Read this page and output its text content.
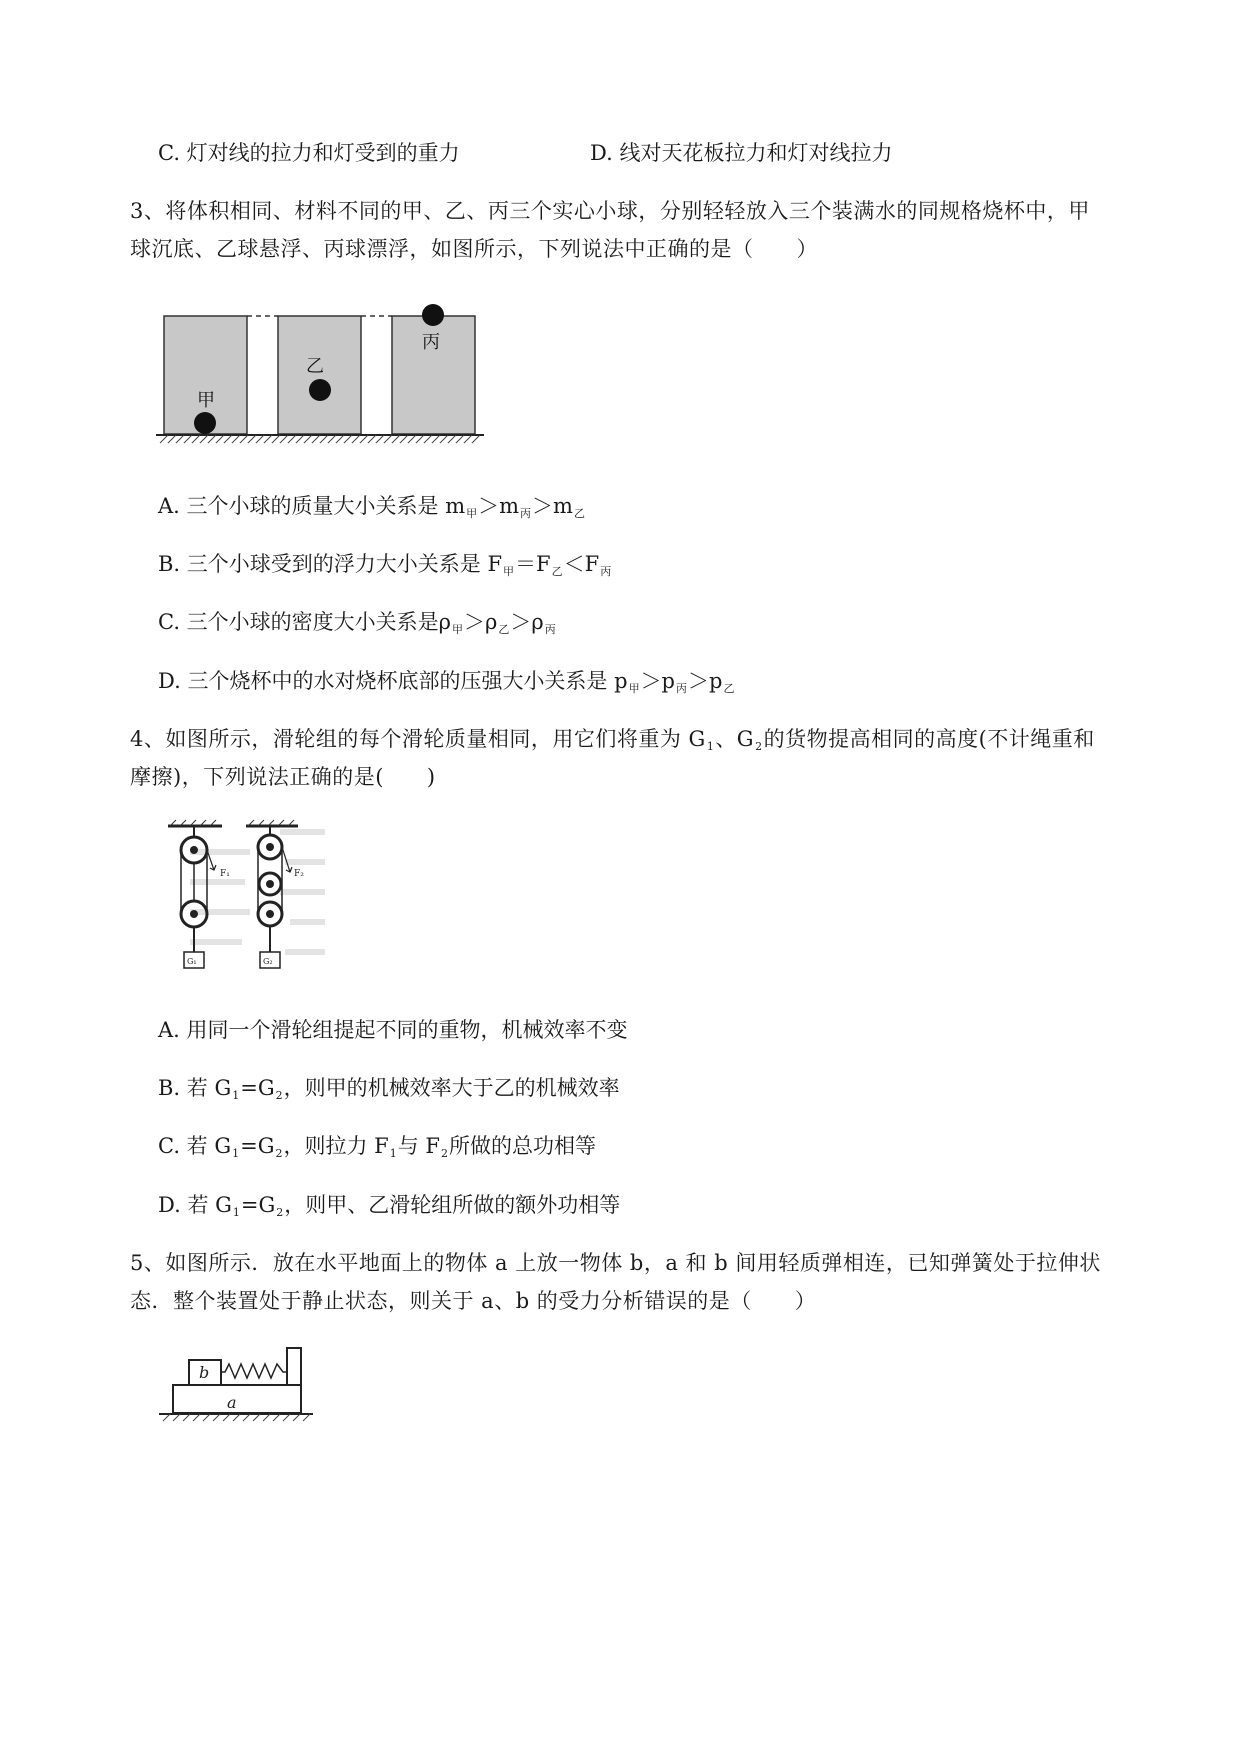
C. 灯对线的拉力和灯受到的重力	D. 线对天花板拉力和灯对线拉力
3、将体积相同、材料不同的甲、乙、丙三个实心小球，分别轻轻放入三个装满水的同规格烧杯中，甲
球沉底、乙球悬浮、丙球漂浮，如图所示，下列说法中正确的是（　　）
甲
乙
丙
A. 三个小球的质量大小关系是 $m_甲>m_丙>m_乙$
B. 三个小球受到的浮力大小关系是 $F_甲=F_乙<F_丙$
C. 三个小球的密度大小关系是$\rho_甲>\rho_乙>\rho_丙$
D. 三个烧杯中的水对烧杯底部的压强大小关系是 $p_甲>p_丙>p_乙$
4、如图所示，滑轮组的每个滑轮质量相同，用它们将重为 $G_1$、$G_2$的货物提高相同的高度(不计绳重和
摩擦)，下列说法正确的是(　　)
F₁
G₁
F₂
G₂
A. 用同一个滑轮组提起不同的重物，机械效率不变
B. 若 $G_1=G_2$，则甲的机械效率大于乙的机械效率
C. 若 $G_1=G_2$，则拉力 $F_1$与 $F_2$所做的总功相等
D. 若 $G_1=G_2$，则甲、乙滑轮组所做的额外功相等
5、如图所示．放在水平地面上的物体 a 上放一物体 b，a 和 b 间用轻质弹相连，已知弹簧处于拉伸状
态．整个装置处于静止状态，则关于 a、b 的受力分析错误的是（　　）
b
a
